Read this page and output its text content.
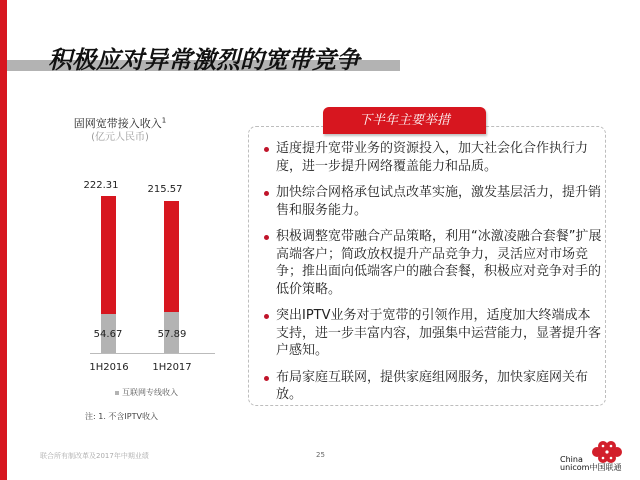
积极应对异常激烈的宽带竞争
固网宽带接入收入$^1$
(亿元人民币)
222.31
54.67
215.57
57.89
1H2016	1H2017
互联网专线收入
注: 1. 不含IPTV收入
下半年主要举措
适度提升宽带业务的资源投入，加大社会化合作执行力度，进一步提升网络覆盖能力和品质。
加快综合网格承包试点改革实施，激发基层活力，提升销售和服务能力。
积极调整宽带融合产品策略，利用“冰激凌融合套餐”扩展高端客户；简政放权提升产品竞争力，灵活应对市场竞争；推出面向低端客户的融合套餐，积极应对竞争对手的低价策略。
突出IPTV业务对于宽带的引领作用，适度加大终端成本支持，进一步丰富内容，加强集中运营能力，显著提升客户感知。
布局家庭互联网，提供家庭组网服务，加快家庭网关布放。
联合所有制改革及2017年中期业绩	25	China
unicom中国联通
